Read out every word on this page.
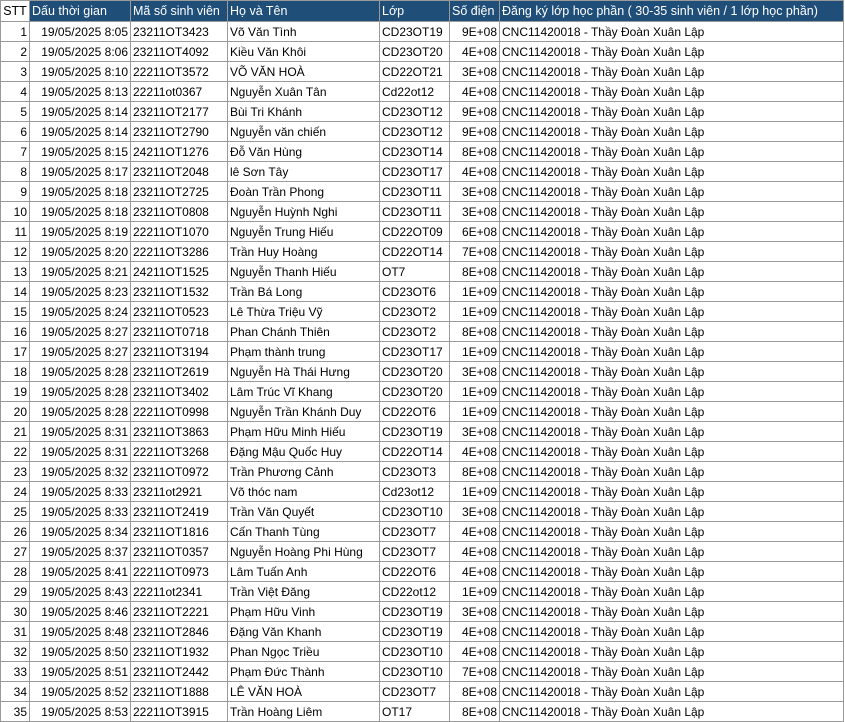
STT	Dấu thời gian	Mã số sinh viên	Họ và Tên	Lớp	Số điện	Đăng ký lớp học phần ( 30-35 sinh viên / 1 lớp học phần)
1	19/05/2025 8:05	23211OT3423	Võ Văn Tình	CD23OT19	9E+08	CNC11420018 - Thầy Đoàn Xuân Lập
2	19/05/2025 8:06	23211OT4092	Kiều Văn Khôi	CD23OT20	4E+08	CNC11420018 - Thầy Đoàn Xuân Lập
3	19/05/2025 8:10	22211OT3572	VÕ VĂN HOÀ	CD22OT21	3E+08	CNC11420018 - Thầy Đoàn Xuân Lập
4	19/05/2025 8:13	22211ot0367	Nguyễn Xuân Tân	Cd22ot12	4E+08	CNC11420018 - Thầy Đoàn Xuân Lập
5	19/05/2025 8:14	23211OT2177	Bùi Tri Khánh	CD23OT12	9E+08	CNC11420018 - Thầy Đoàn Xuân Lập
6	19/05/2025 8:14	23211OT2790	Nguyễn văn chiến	CD23OT12	9E+08	CNC11420018 - Thầy Đoàn Xuân Lập
7	19/05/2025 8:15	24211OT1276	Đỗ Văn Hùng	CD23OT14	8E+08	CNC11420018 - Thầy Đoàn Xuân Lập
8	19/05/2025 8:17	23211OT2048	lê Sơn Tây	CD23OT17	4E+08	CNC11420018 - Thầy Đoàn Xuân Lập
9	19/05/2025 8:18	23211OT2725	Đoàn Trần Phong	CD23OT11	3E+08	CNC11420018 - Thầy Đoàn Xuân Lập
10	19/05/2025 8:18	23211OT0808	Nguyễn Huỳnh Nghi	CD23OT11	3E+08	CNC11420018 - Thầy Đoàn Xuân Lập
11	19/05/2025 8:19	22211OT1070	Nguyễn Trung Hiếu	CD22OT09	6E+08	CNC11420018 - Thầy Đoàn Xuân Lập
12	19/05/2025 8:20	22211OT3286	Trần Huy Hoàng	CD22OT14	7E+08	CNC11420018 - Thầy Đoàn Xuân Lập
13	19/05/2025 8:21	24211OT1525	Nguyễn Thanh Hiếu	OT7	8E+08	CNC11420018 - Thầy Đoàn Xuân Lập
14	19/05/2025 8:23	23211OT1532	Trần Bá Long	CD23OT6	1E+09	CNC11420018 - Thầy Đoàn Xuân Lập
15	19/05/2025 8:24	23211OT0523	Lê Thừa Triệu Vỹ	CD23OT2	1E+09	CNC11420018 - Thầy Đoàn Xuân Lập
16	19/05/2025 8:27	23211OT0718	Phan Chánh Thiên	CD23OT2	8E+08	CNC11420018 - Thầy Đoàn Xuân Lập
17	19/05/2025 8:27	23211OT3194	Phạm thành trung	CD23OT17	1E+09	CNC11420018 - Thầy Đoàn Xuân Lập
18	19/05/2025 8:28	23211OT2619	Nguyễn Hà Thái Hưng	CD23OT20	3E+08	CNC11420018 - Thầy Đoàn Xuân Lập
19	19/05/2025 8:28	23211OT3402	Lâm Trúc Vĩ Khang	CD23OT20	1E+09	CNC11420018 - Thầy Đoàn Xuân Lập
20	19/05/2025 8:28	22211OT0998	Nguyễn Trần Khánh Duy	CD22OT6	1E+09	CNC11420018 - Thầy Đoàn Xuân Lập
21	19/05/2025 8:31	23211OT3863	Phạm Hữu Minh Hiếu	CD23OT19	3E+08	CNC11420018 - Thầy Đoàn Xuân Lập
22	19/05/2025 8:31	22211OT3268	Đặng Mậu Quốc Huy	CD22OT14	4E+08	CNC11420018 - Thầy Đoàn Xuân Lập
23	19/05/2025 8:32	23211OT0972	Trần Phương Cảnh	CD23OT3	8E+08	CNC11420018 - Thầy Đoàn Xuân Lập
24	19/05/2025 8:33	23211ot2921	Võ thóc nam	Cd23ot12	1E+09	CNC11420018 - Thầy Đoàn Xuân Lập
25	19/05/2025 8:33	23211OT2419	Trần Văn Quyết	CD23OT10	3E+08	CNC11420018 - Thầy Đoàn Xuân Lập
26	19/05/2025 8:34	23211OT1816	Cấn Thanh Tùng	CD23OT7	4E+08	CNC11420018 - Thầy Đoàn Xuân Lập
27	19/05/2025 8:37	23211OT0357	Nguyễn Hoàng Phi Hùng	CD23OT7	4E+08	CNC11420018 - Thầy Đoàn Xuân Lập
28	19/05/2025 8:41	22211OT0973	Lâm Tuấn Anh	CD22OT6	4E+08	CNC11420018 - Thầy Đoàn Xuân Lập
29	19/05/2025 8:43	22211ot2341	Trần Việt Đăng	CD22ot12	1E+09	CNC11420018 - Thầy Đoàn Xuân Lập
30	19/05/2025 8:46	23211OT2221	Phạm Hữu Vinh	CD23OT19	3E+08	CNC11420018 - Thầy Đoàn Xuân Lập
31	19/05/2025 8:48	23211OT2846	Đặng Văn Khanh	CD23OT19	4E+08	CNC11420018 - Thầy Đoàn Xuân Lập
32	19/05/2025 8:50	23211OT1932	Phan Ngọc Triều	CD23OT10	4E+08	CNC11420018 - Thầy Đoàn Xuân Lập
33	19/05/2025 8:51	23211OT2442	Phạm Đức Thành	CD23OT10	7E+08	CNC11420018 - Thầy Đoàn Xuân Lập
34	19/05/2025 8:52	23211OT1888	LÊ VĂN HOÀ	CD23OT7	8E+08	CNC11420018 - Thầy Đoàn Xuân Lập
35	19/05/2025 8:53	22211OT3915	Trần Hoàng Liêm	OT17	8E+08	CNC11420018 - Thầy Đoàn Xuân Lập
